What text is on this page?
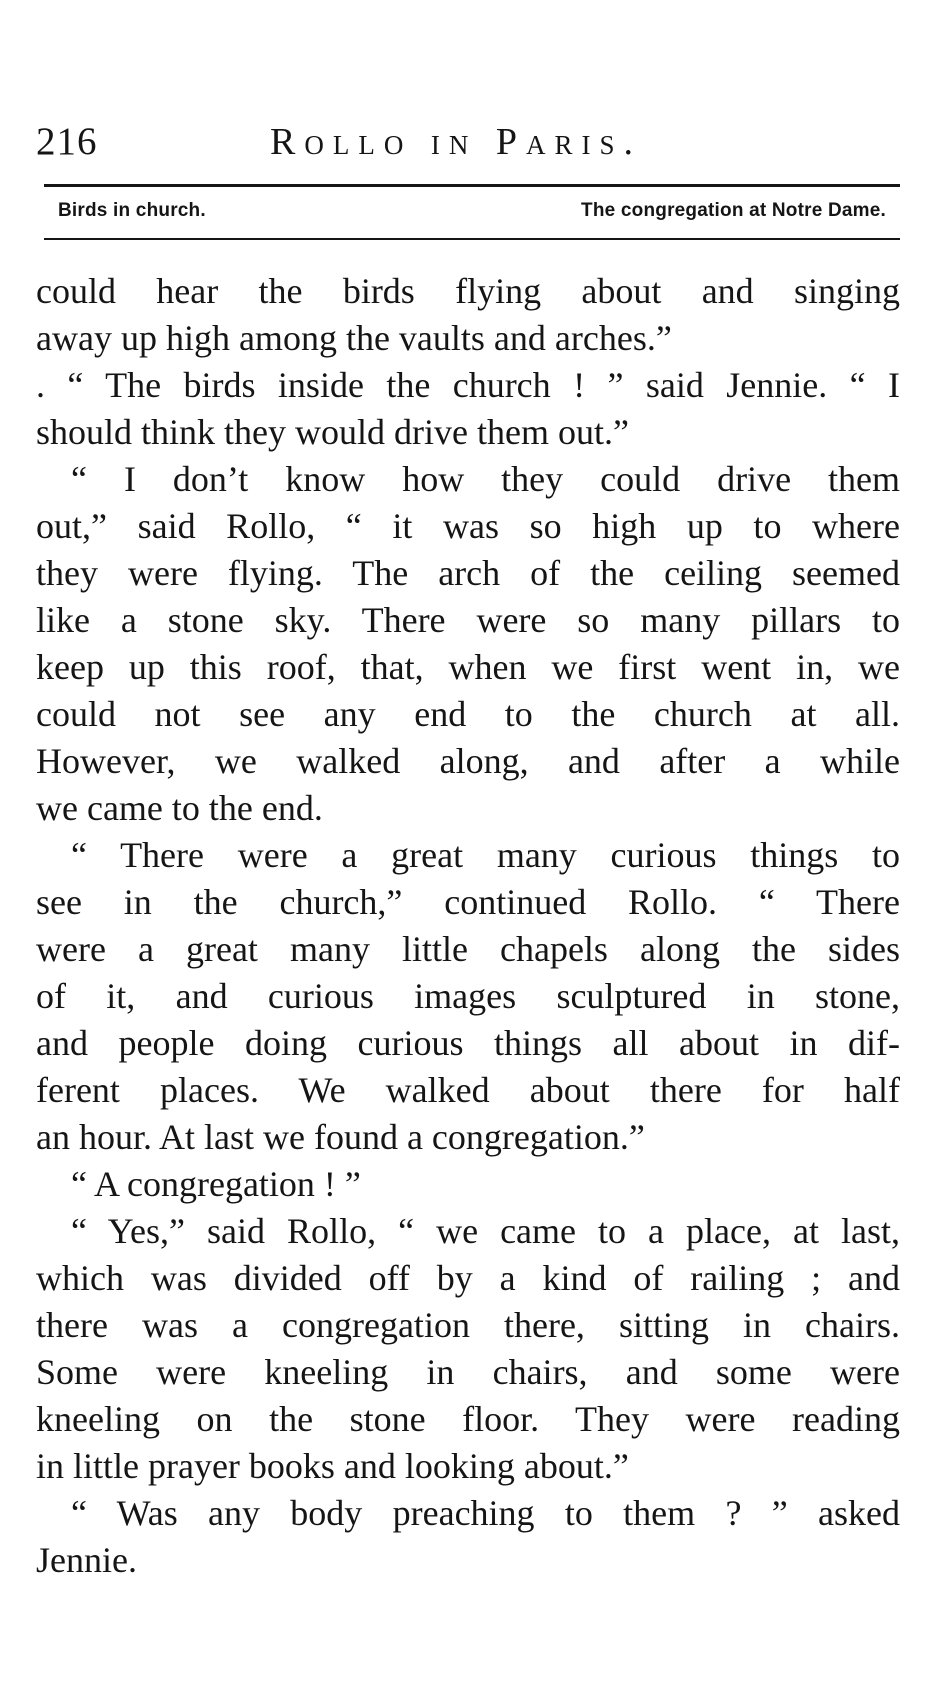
216	Rollo in Paris.
Birds in church.	The congregation at Notre Dame.
could hear the birds flying about and singing
away up high among the vaults and arches.”
. “ The birds inside the church ! ” said Jennie. “ I
should think they would drive them out.”
“ I don’t know how they could drive them
out,” said Rollo, “ it was so high up to where
they were flying. The arch of the ceiling seemed
like a stone sky. There were so many pillars to
keep up this roof, that, when we first went in, we
could not see any end to the church at all.
However, we walked along, and after a while
we came to the end.
“ There were a great many curious things to
see in the church,” continued Rollo. “ There
were a great many little chapels along the sides
of it, and curious images sculptured in stone,
and people doing curious things all about in dif-
ferent places. We walked about there for half
an hour. At last we found a congregation.”
“ A congregation ! ”
“ Yes,” said Rollo, “ we came to a place, at last,
which was divided off by a kind of railing ; and
there was a congregation there, sitting in chairs.
Some were kneeling in chairs, and some were
kneeling on the stone floor. They were reading
in little prayer books and looking about.”
“ Was any body preaching to them ? ” asked
Jennie.
